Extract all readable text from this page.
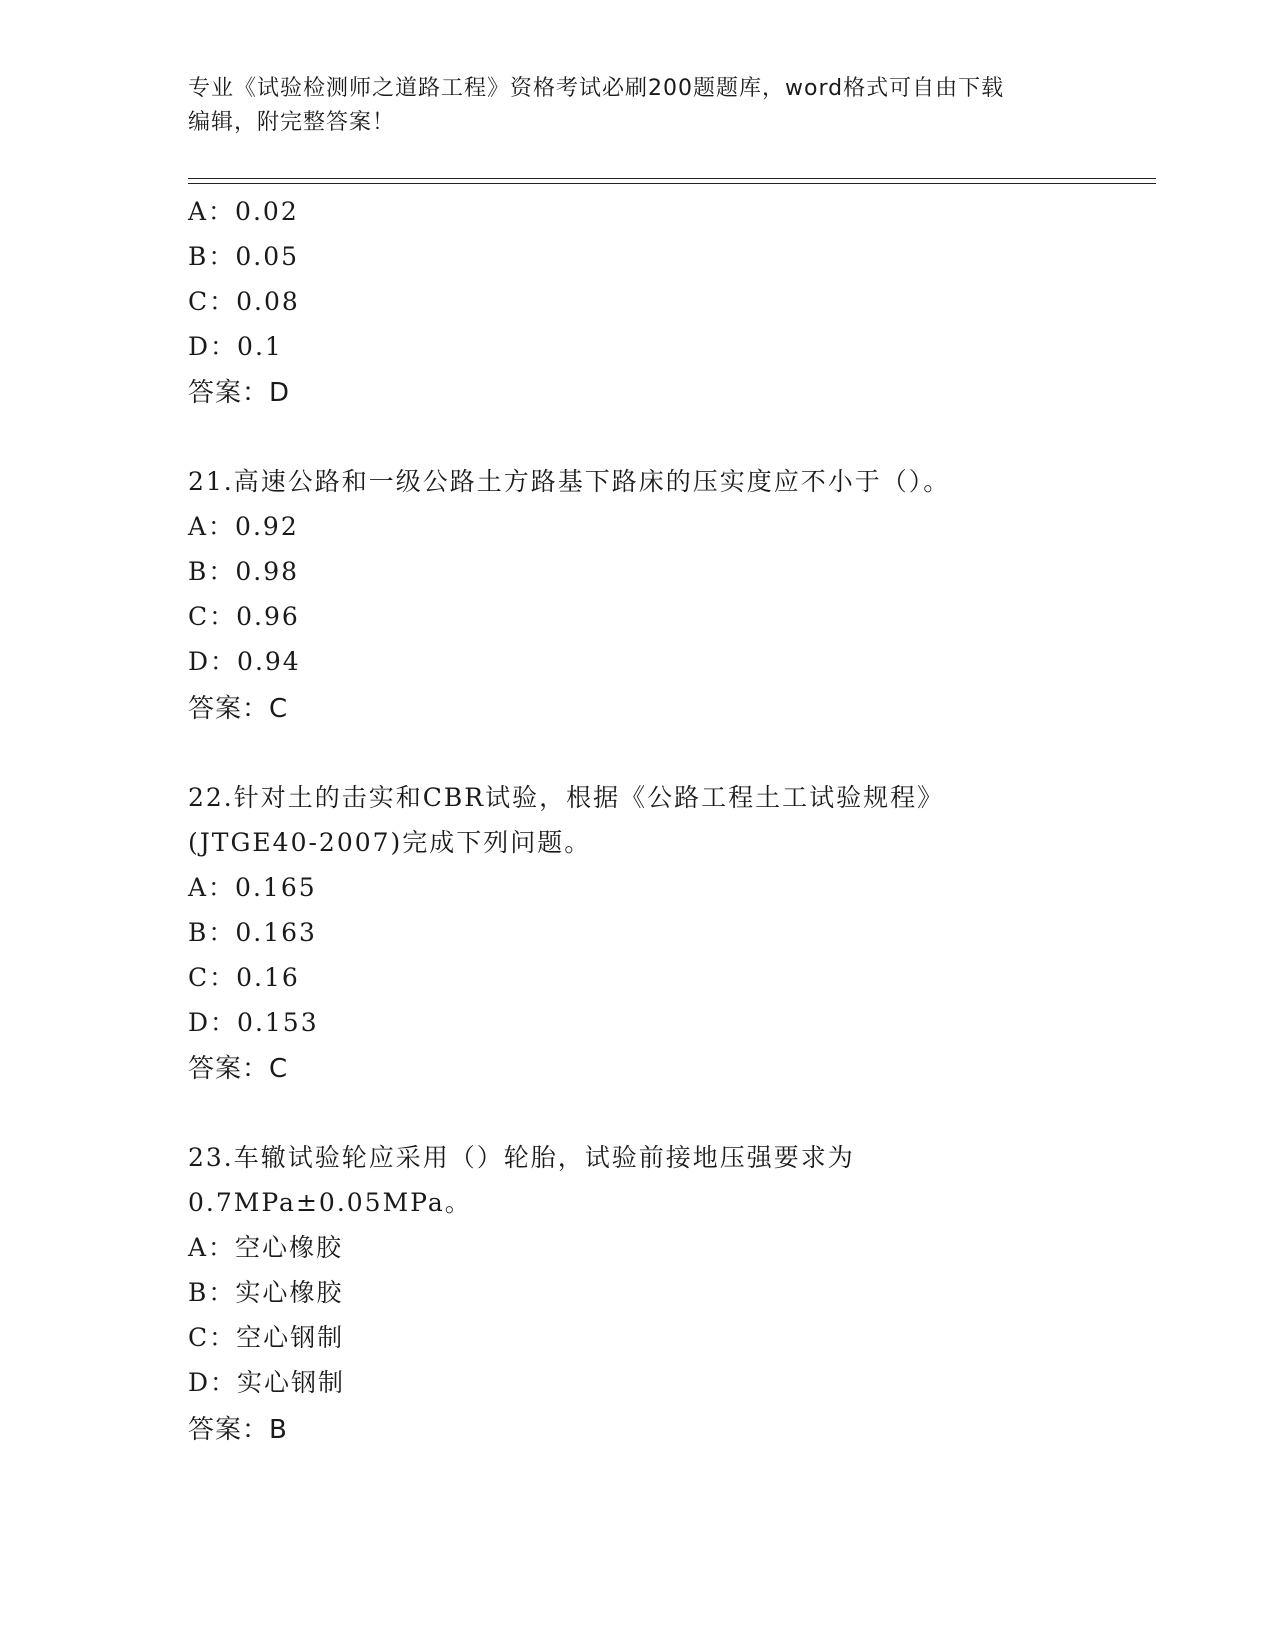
专业《试验检测师之道路工程》资格考试必刷200题题库，word格式可自由下载
编辑，附完整答案！
A：0.02
B：0.05
C：0.08
D：0.1
答案：D
21.高速公路和一级公路土方路基下路床的压实度应不小于（）。
A：0.92
B：0.98
C：0.96
D：0.94
答案：C
22.针对土的击实和CBR试验，根据《公路工程土工试验规程》
(JTGE40-2007)完成下列问题。
A：0.165
B：0.163
C：0.16
D：0.153
答案：C
23.车辙试验轮应采用（）轮胎，试验前接地压强要求为
0.7MPa±0.05MPa。
A：空心橡胶
B：实心橡胶
C：空心钢制
D：实心钢制
答案：B
